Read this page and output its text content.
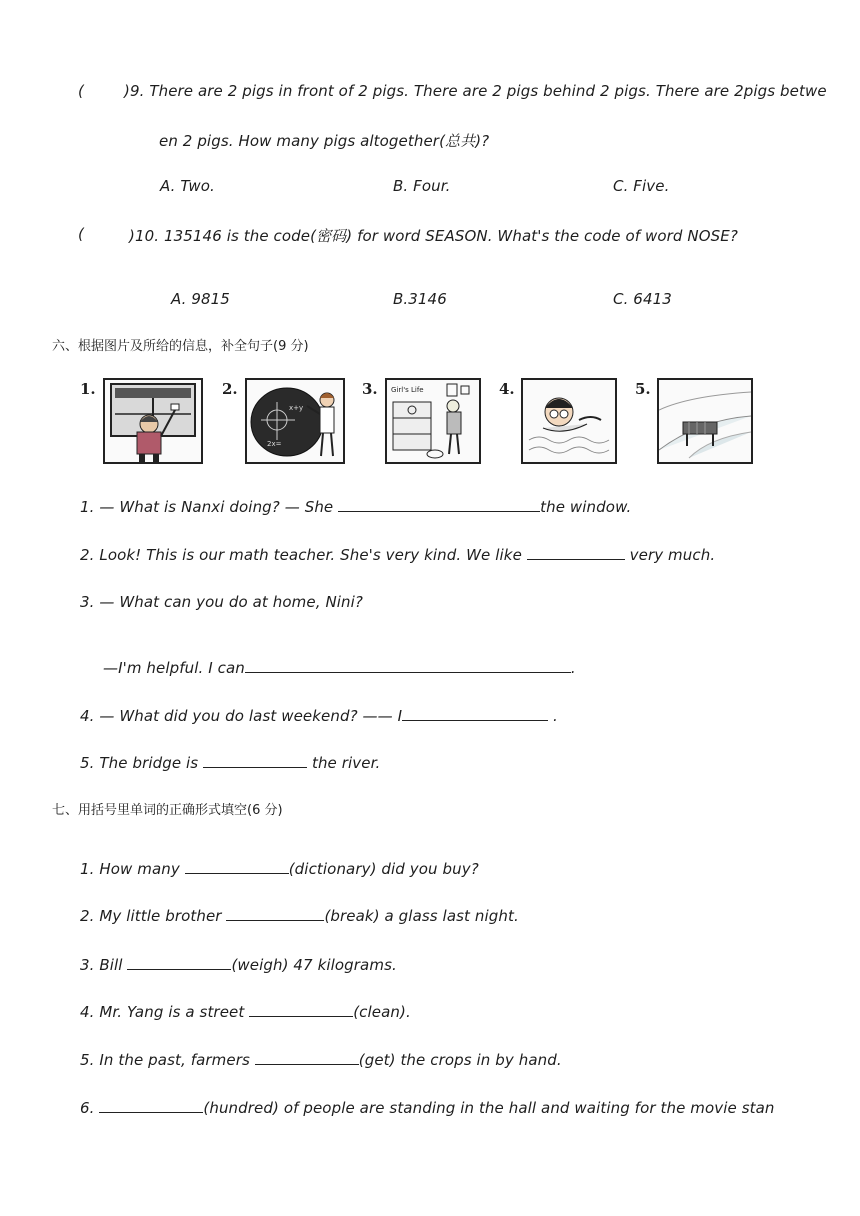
(	)9. There are 2 pigs in front of 2 pigs. There are 2 pigs behind 2 pigs. There are 2pigs betwe
en 2 pigs. How many pigs altogether(总共)?
A. Two.	B. Four.	C. Five.
(	)10. 135146 is the code(密码) for word SEASON. What's the code of word NOSE?
A. 9815	B.3146	C. 6413
六、根据图片及所给的信息，补全句子(9 分)
1.	2.
x+y
2x=
3. Girl's Life	4.	5.
1. — What is Nanxi doing? — She	the window.
2. Look! This is our math teacher. She's very kind. We like	very much.
3. — What can you do at home, Nini?
—I'm helpful. I can	.
4. — What did you do last weekend? —— I	.
5. The bridge is	the river.
七、用括号里单词的正确形式填空(6 分)
1. How many	(dictionary) did you buy?
2. My little brother	(break) a glass last night.
3. Bill	(weigh) 47 kilograms.
4. Mr. Yang is a street	(clean).
5. In the past, farmers	(get) the crops in by hand.
6.	(hundred) of people are standing in the hall and waiting for the movie stan
